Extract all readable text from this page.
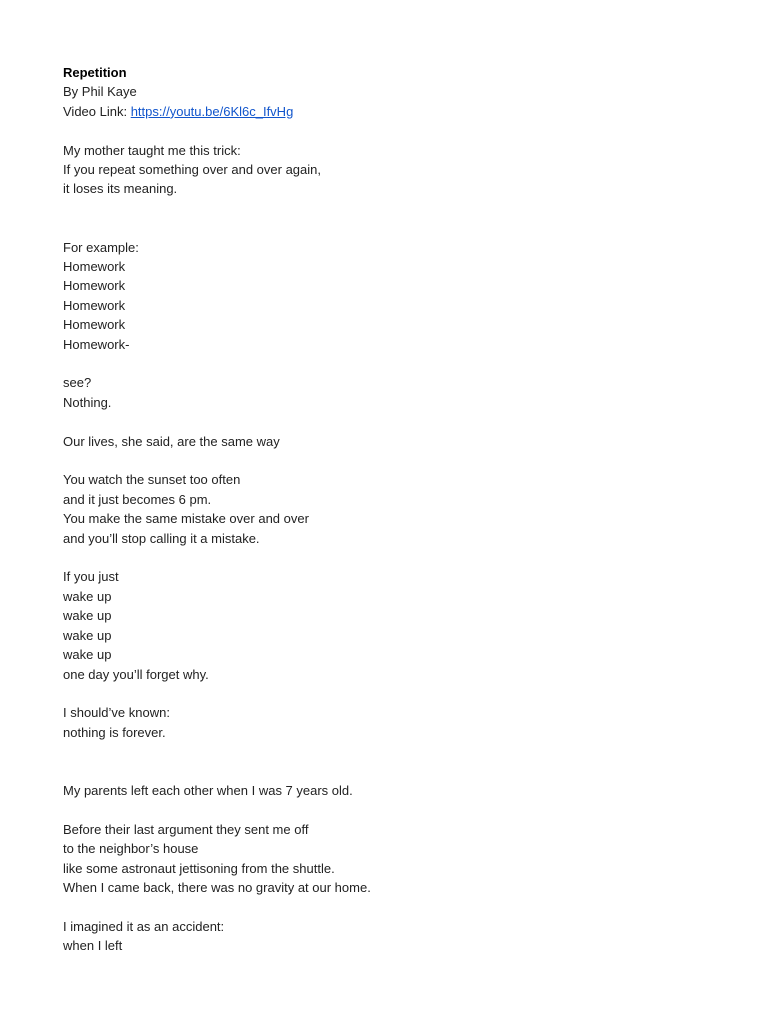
Repetition
By Phil Kaye
Video Link: https://youtu.be/6Kl6c_IfvHg
My mother taught me this trick:
If you repeat something over and over again,
it loses its meaning.
For example:
Homework
Homework
Homework
Homework
Homework-
see?
Nothing.
Our lives, she said, are the same way
You watch the sunset too often
and it just becomes 6 pm.
You make the same mistake over and over
and you’ll stop calling it a mistake.
If you just
wake up
wake up
wake up
wake up
one day you’ll forget why.
I should’ve known:
nothing is forever.
My parents left each other when I was 7 years old.
Before their last argument they sent me off
to the neighbor’s house
like some astronaut jettisoning from the shuttle.
When I came back, there was no gravity at our home.
I imagined it as an accident:
when I left
